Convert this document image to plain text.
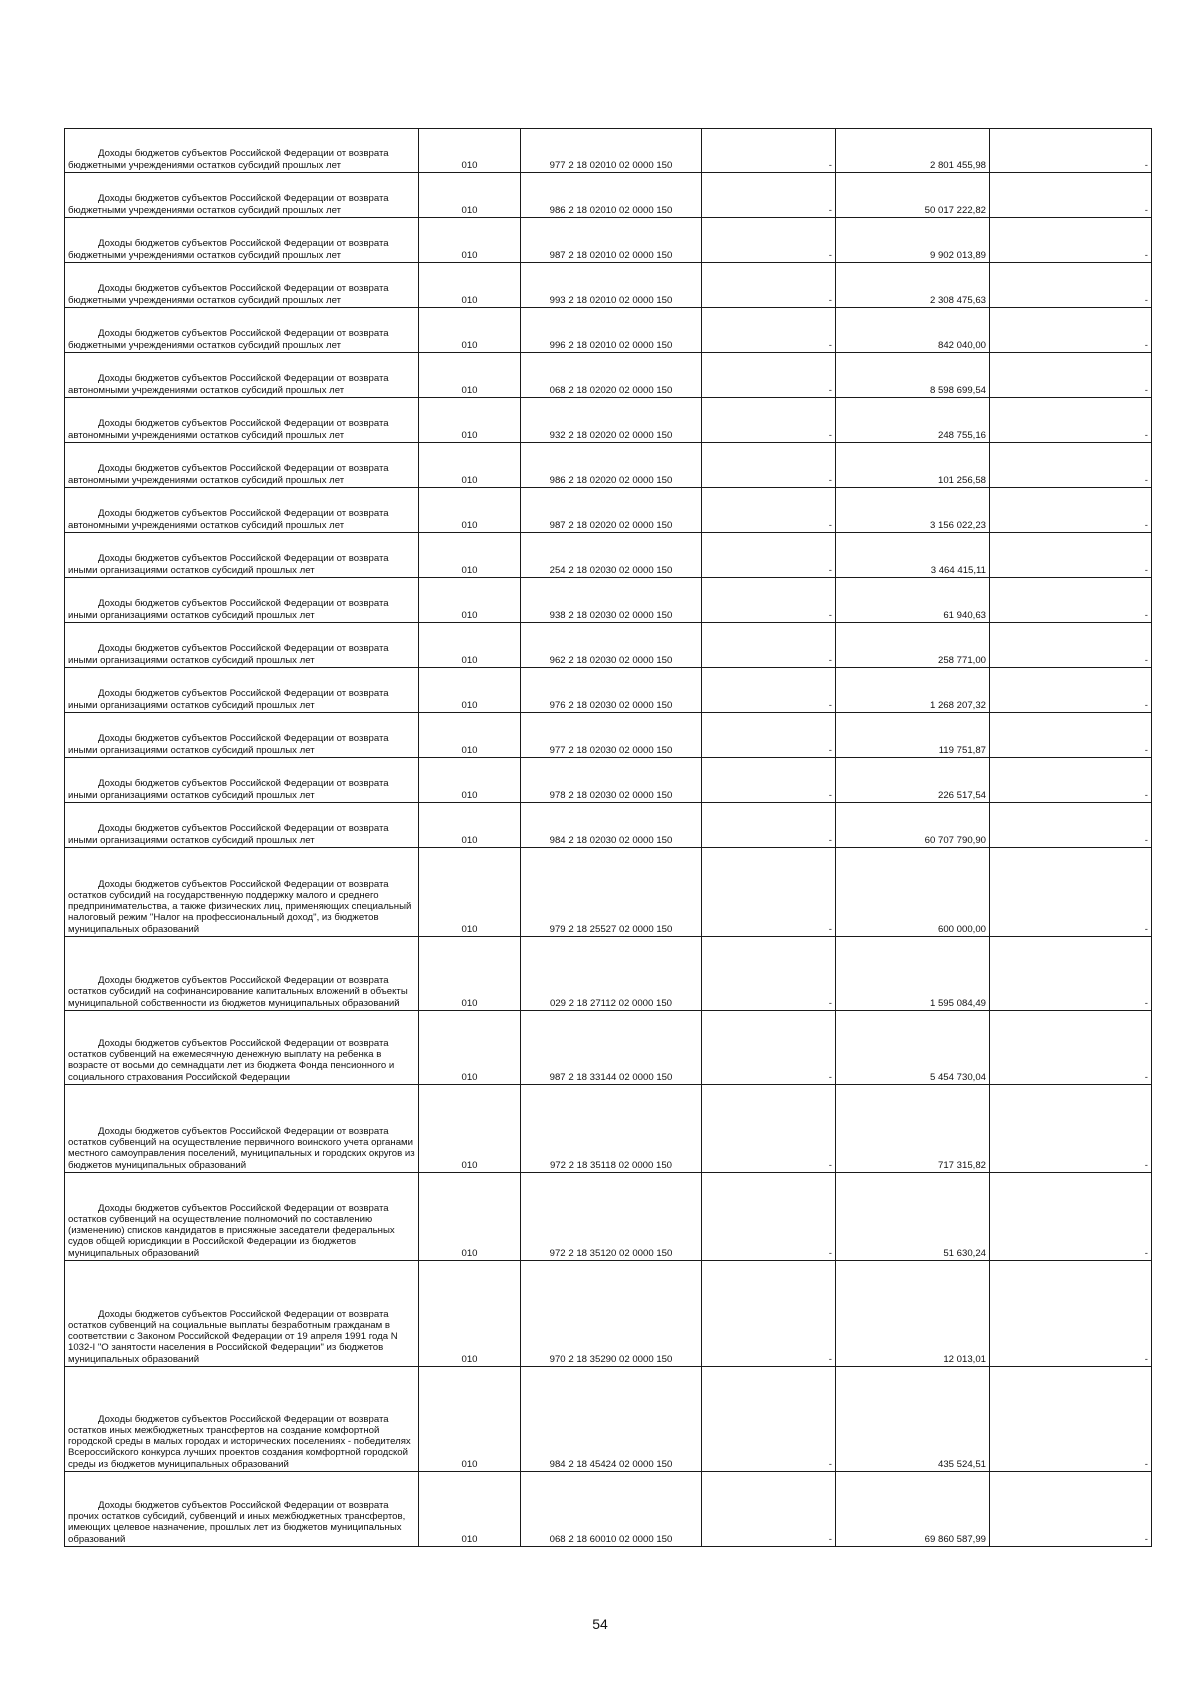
Доходы бюджетов субъектов Российской Федерации от возврата бюджетными учреждениями остатков субсидий прошлых лет	010	977 2 18 02010 02 0000 150	-	2 801 455,98	-

Доходы бюджетов субъектов Российской Федерации от возврата бюджетными учреждениями остатков субсидий прошлых лет	010	986 2 18 02010 02 0000 150	-	50 017 222,82	-

Доходы бюджетов субъектов Российской Федерации от возврата бюджетными учреждениями остатков субсидий прошлых лет	010	987 2 18 02010 02 0000 150	-	9 902 013,89	-

Доходы бюджетов субъектов Российской Федерации от возврата бюджетными учреждениями остатков субсидий прошлых лет	010	993 2 18 02010 02 0000 150	-	2 308 475,63	-

Доходы бюджетов субъектов Российской Федерации от возврата бюджетными учреждениями остатков субсидий прошлых лет	010	996 2 18 02010 02 0000 150	-	842 040,00	-

Доходы бюджетов субъектов Российской Федерации от возврата автономными учреждениями остатков субсидий прошлых лет	010	068 2 18 02020 02 0000 150	-	8 598 699,54	-

Доходы бюджетов субъектов Российской Федерации от возврата автономными учреждениями остатков субсидий прошлых лет	010	932 2 18 02020 02 0000 150	-	248 755,16	-

Доходы бюджетов субъектов Российской Федерации от возврата автономными учреждениями остатков субсидий прошлых лет	010	986 2 18 02020 02 0000 150	-	101 256,58	-

Доходы бюджетов субъектов Российской Федерации от возврата автономными учреждениями остатков субсидий прошлых лет	010	987 2 18 02020 02 0000 150	-	3 156 022,23	-

Доходы бюджетов субъектов Российской Федерации от возврата иными организациями остатков субсидий прошлых лет	010	254 2 18 02030 02 0000 150	-	3 464 415,11	-

Доходы бюджетов субъектов Российской Федерации от возврата иными организациями остатков субсидий прошлых лет	010	938 2 18 02030 02 0000 150	-	61 940,63	-

Доходы бюджетов субъектов Российской Федерации от возврата иными организациями остатков субсидий прошлых лет	010	962 2 18 02030 02 0000 150	-	258 771,00	-

Доходы бюджетов субъектов Российской Федерации от возврата иными организациями остатков субсидий прошлых лет	010	976 2 18 02030 02 0000 150	-	1 268 207,32	-

Доходы бюджетов субъектов Российской Федерации от возврата иными организациями остатков субсидий прошлых лет	010	977 2 18 02030 02 0000 150	-	119 751,87	-

Доходы бюджетов субъектов Российской Федерации от возврата иными организациями остатков субсидий прошлых лет	010	978 2 18 02030 02 0000 150	-	226 517,54	-

Доходы бюджетов субъектов Российской Федерации от возврата иными организациями остатков субсидий прошлых лет	010	984 2 18 02030 02 0000 150	-	60 707 790,90	-

Доходы бюджетов субъектов Российской Федерации от возврата остатков субсидий на государственную поддержку малого и среднего предпринимательства, а также физических лиц, применяющих специальный налоговый режим "Налог на профессиональный доход", из бюджетов муниципальных образований	010	979 2 18 25527 02 0000 150	-	600 000,00	-

Доходы бюджетов субъектов Российской Федерации от возврата остатков субсидий на софинансирование капитальных вложений в объекты муниципальной собственности из бюджетов муниципальных образований	010	029 2 18 27112 02 0000 150	-	1 595 084,49	-

Доходы бюджетов субъектов Российской Федерации от возврата остатков субвенций на ежемесячную денежную выплату на ребенка в возрасте от восьми до семнадцати лет из бюджета Фонда пенсионного и социального страхования Российской Федерации	010	987 2 18 33144 02 0000 150	-	5 454 730,04	-

Доходы бюджетов субъектов Российской Федерации от возврата остатков субвенций на осуществление первичного воинского учета органами местного самоуправления поселений, муниципальных и городских округов из бюджетов муниципальных образований	010	972 2 18 35118 02 0000 150	-	717 315,82	-

Доходы бюджетов субъектов Российской Федерации от возврата остатков субвенций на осуществление полномочий по составлению (изменению) списков кандидатов в присяжные заседатели федеральных судов общей юрисдикции в Российской Федерации из бюджетов муниципальных образований	010	972 2 18 35120 02 0000 150	-	51 630,24	-

Доходы бюджетов субъектов Российской Федерации от возврата остатков субвенций на социальные выплаты безработным гражданам в соответствии с Законом Российской Федерации от 19 апреля 1991 года N 1032-I "О занятости населения в Российской Федерации" из бюджетов муниципальных образований	010	970 2 18 35290 02 0000 150	-	12 013,01	-

Доходы бюджетов субъектов Российской Федерации от возврата остатков иных межбюджетных трансфертов на создание комфортной городской среды в малых городах и исторических поселениях - победителях Всероссийского конкурса лучших проектов создания комфортной городской среды из бюджетов муниципальных образований	010	984 2 18 45424 02 0000 150	-	435 524,51	-

Доходы бюджетов субъектов Российской Федерации от возврата прочих остатков субсидий, субвенций и иных межбюджетных трансфертов, имеющих целевое назначение, прошлых лет из бюджетов муниципальных образований	010	068 2 18 60010 02 0000 150	-	69 860 587,99	-
54
